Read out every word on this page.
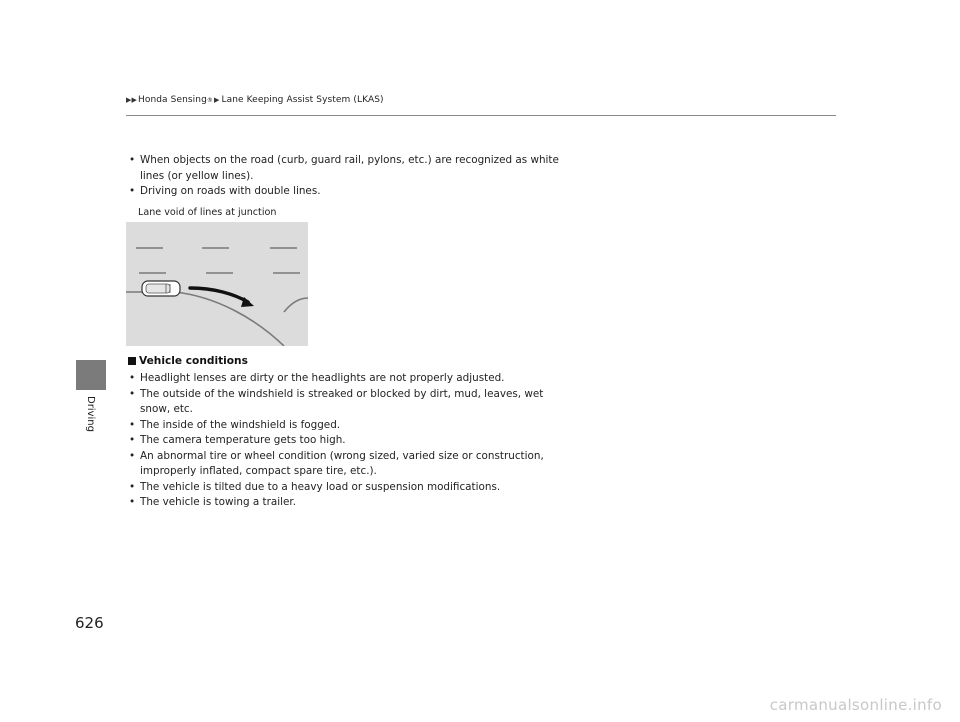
▶▶ Honda Sensing ® ▶ Lane Keeping Assist System (LKAS)
Driving
• When objects on the road (curb, guard rail, pylons, etc.) are recognized as white
lines (or yellow lines).
• Driving on roads with double lines.
Lane void of lines at junction
Vehicle conditions
• Headlight lenses are dirty or the headlights are not properly adjusted.
• The outside of the windshield is streaked or blocked by dirt, mud, leaves, wet
snow, etc.
• The inside of the windshield is fogged.
• The camera temperature gets too high.
• An abnormal tire or wheel condition (wrong sized, varied size or construction,
improperly inflated, compact spare tire, etc.).
• The vehicle is tilted due to a heavy load or suspension modifications.
• The vehicle is towing a trailer.
626
carmanualsonline.info
